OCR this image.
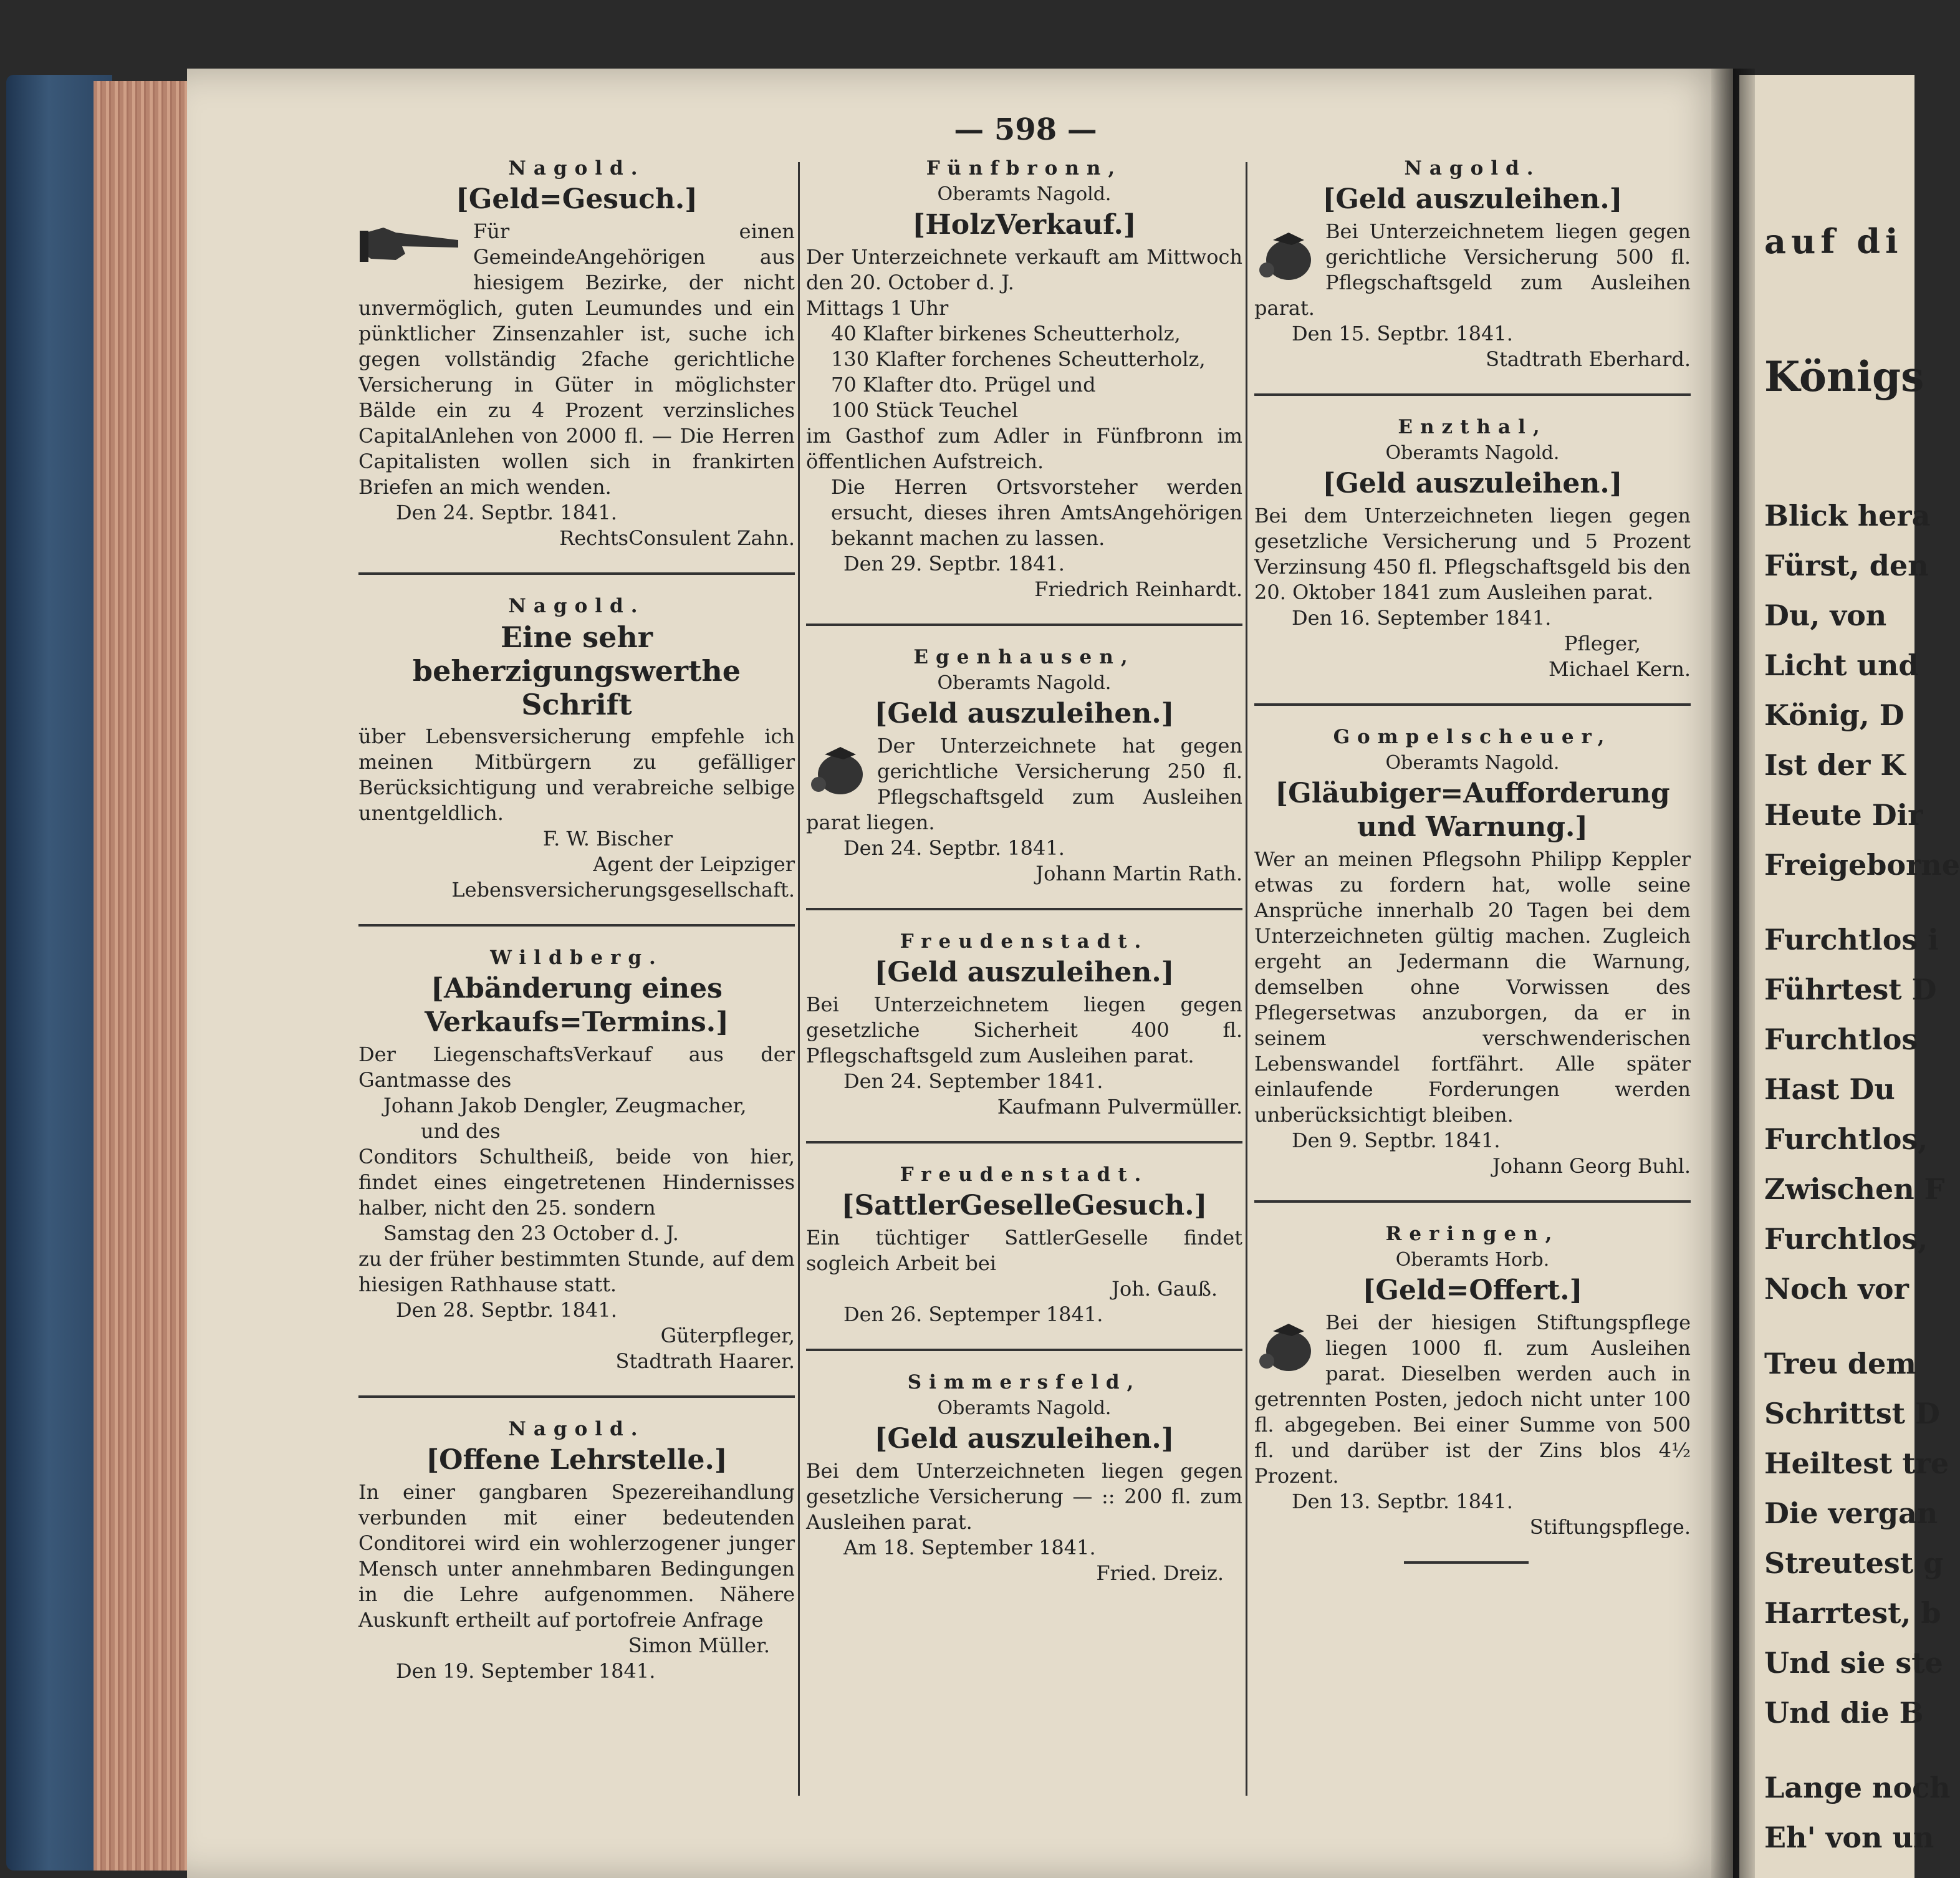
auf di
Königs
Blick hera
Fürst, den
Du, von
Licht und
König, D
Ist der K
Heute Dir
Freigeborne
Furchtlos i
Führtest D
Furchtlos
Hast Du
Furchtlos,
Zwischen F
Furchtlos,
Noch vor
Treu dem
Schrittst D
Heiltest tre
Die vergan
Streutest g
Harrtest, b
Und sie ste
Und die B
Lange noch
Eh' von un
— 598 —
Nagold.
[Geld=Gesuch.]

Für einen GemeindeAngehörigen aus hiesigem Bezirke, der nicht unvermöglich, guten Leumundes und ein pünktlicher Zinsenzahler ist, suche ich gegen vollständig 2fache gerichtliche Versicherung in Güter in möglichster Bälde ein zu 4 Prozent verzinsliches CapitalAnlehen von 2000 fl. — Die Herren Capitalisten wollen sich in frankirten Briefen an mich wenden.

Den 24. Septbr. 1841.
RechtsConsulent Zahn.
Nagold.
Eine sehr beherzigungswerthe Schrift

über Lebensversicherung empfehle ich meinen Mitbürgern zu gefälliger Berücksichtigung und verabreiche selbige unentgeldlich.

F. W. Bischer
Agent der Leipziger Lebensversicherungsgesellschaft.
Wildberg.
[Abänderung eines Verkaufs=Termins.]

Der LiegenschaftsVerkauf aus der Gantmasse des

Johann Jakob Dengler, Zeugmacher,

und des

Conditors Schultheiß, beide von hier, findet eines eingetretenen Hindernisses halber, nicht den 25. sondern

Samstag den 23 October d. J.

zu der früher bestimmten Stunde, auf dem hiesigen Rathhause statt.

Den 28. Septbr. 1841.
Güterpfleger,
Stadtrath Haarer.
Nagold.
[Offene Lehrstelle.]

In einer gangbaren Spezereihandlung verbunden mit einer bedeutenden Conditorei wird ein wohlerzogener junger Mensch unter annehmbaren Bedingungen in die Lehre aufgenommen. Nähere Auskunft ertheilt auf portofreie Anfrage

Simon Müller.
Den 19. September 1841.
Fünfbronn,
Oberamts Nagold.
[HolzVerkauf.]

Der Unterzeichnete verkauft am Mittwoch den 20. October d. J.

Mittags 1 Uhr

40 Klafter birkenes Scheutterholz,

130 Klafter forchenes Scheutterholz,

70 Klafter dto. Prügel und

100 Stück Teuchel

im Gasthof zum Adler in Fünfbronn im öffentlichen Aufstreich.

Die Herren Ortsvorsteher werden ersucht, dieses ihren AmtsAngehörigen bekannt machen zu lassen.

Den 29. Septbr. 1841.
Friedrich Reinhardt.
Egenhausen,
Oberamts Nagold.
[Geld auszuleihen.]

Der Unterzeichnete hat gegen gerichtliche Versicherung 250 fl. Pflegschaftsgeld zum Ausleihen parat liegen.

Den 24. Septbr. 1841.
Johann Martin Rath.
Freudenstadt.
[Geld auszuleihen.]

Bei Unterzeichnetem liegen gegen gesetzliche Sicherheit 400 fl. Pflegschaftsgeld zum Ausleihen parat.

Den 24. September 1841.
Kaufmann Pulvermüller.
Freudenstadt.
[SattlerGeselleGesuch.]

Ein tüchtiger SattlerGeselle findet sogleich Arbeit bei

Joh. Gauß.
Den 26. Septemper 1841.
Simmersfeld,
Oberamts Nagold.
[Geld auszuleihen.]

Bei dem Unterzeichneten liegen gegen gesetzliche Versicherung — :: 200 fl. zum Ausleihen parat.

Am 18. September 1841.
Fried. Dreiz.
Nagold.
[Geld auszuleihen.]

Bei Unterzeichnetem liegen gegen gerichtliche Versicherung 500 fl. Pflegschaftsgeld zum Ausleihen parat.

Den 15. Septbr. 1841.
Stadtrath Eberhard.
Enzthal,
Oberamts Nagold.
[Geld auszuleihen.]

Bei dem Unterzeichneten liegen gegen gesetzliche Versicherung und 5 Prozent Verzinsung 450 fl. Pflegschaftsgeld bis den 20. Oktober 1841 zum Ausleihen parat.

Den 16. September 1841.
Pfleger,
Michael Kern.
Gompelscheuer,
Oberamts Nagold.
[Gläubiger=Aufforderung und Warnung.]

Wer an meinen Pflegsohn Philipp Keppler etwas zu fordern hat, wolle seine Ansprüche innerhalb 20 Tagen bei dem Unterzeichneten gültig machen. Zugleich ergeht an Jedermann die Warnung, demselben ohne Vorwissen des Pflegersetwas anzuborgen, da er in seinem verschwenderischen Lebenswandel fortfährt. Alle später einlaufende Forderungen werden unberücksichtigt bleiben.

Den 9. Septbr. 1841.
Johann Georg Buhl.
Reringen,
Oberamts Horb.
[Geld=Offert.]

Bei der hiesigen Stiftungspflege liegen 1000 fl. zum Ausleihen parat. Dieselben werden auch in getrennten Posten, jedoch nicht unter 100 fl. abgegeben. Bei einer Summe von 500 fl. und darüber ist der Zins blos 4½ Prozent.

Den 13. Septbr. 1841.
Stiftungspflege.
